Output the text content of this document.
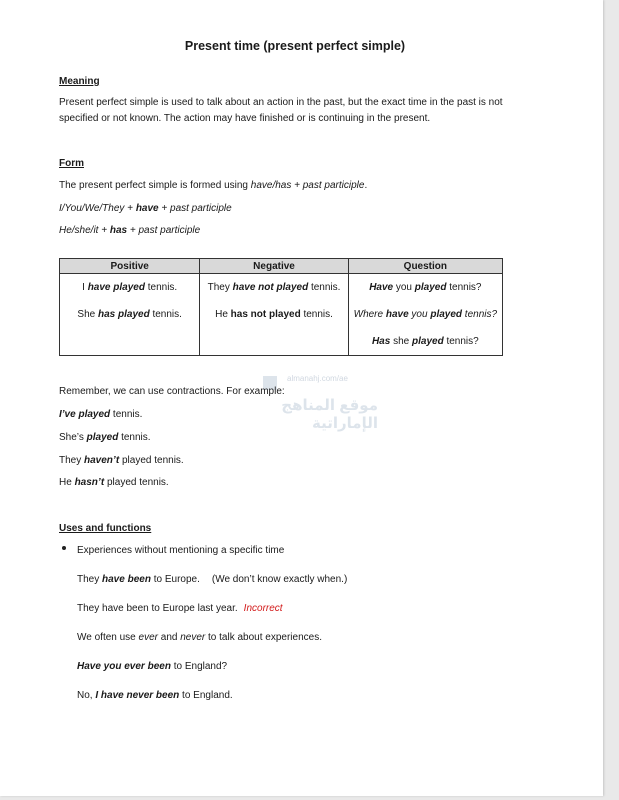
Present time (present perfect simple)
Meaning
Present perfect simple is used to talk about an action in the past, but the exact time in the past is not
specified or not known. The action may have finished or is continuing in the present.
Form
The present perfect simple is formed using have/has + past participle.
I/You/We/They + have + past participle
He/she/it + has + past participle
Positive	Negative	Question
I have played tennis.	They have not played tennis.	Have you played tennis?
She has played tennis.	He has not played tennis.	Where have you played tennis?
		Has she played tennis?
almanahj.com/ae
موقع المناهج الإماراتية
Remember, we can use contractions. For example:
I’ve played tennis.
She’s played tennis.
They haven’t played tennis.
He hasn’t played tennis.
Uses and functions
Experiences without mentioning a specific time
They have been to Europe. (We don’t know exactly when.)
They have been to Europe last year. Incorrect
We often use ever and never to talk about experiences.
Have you ever been to England?
No, I have never been to England.
